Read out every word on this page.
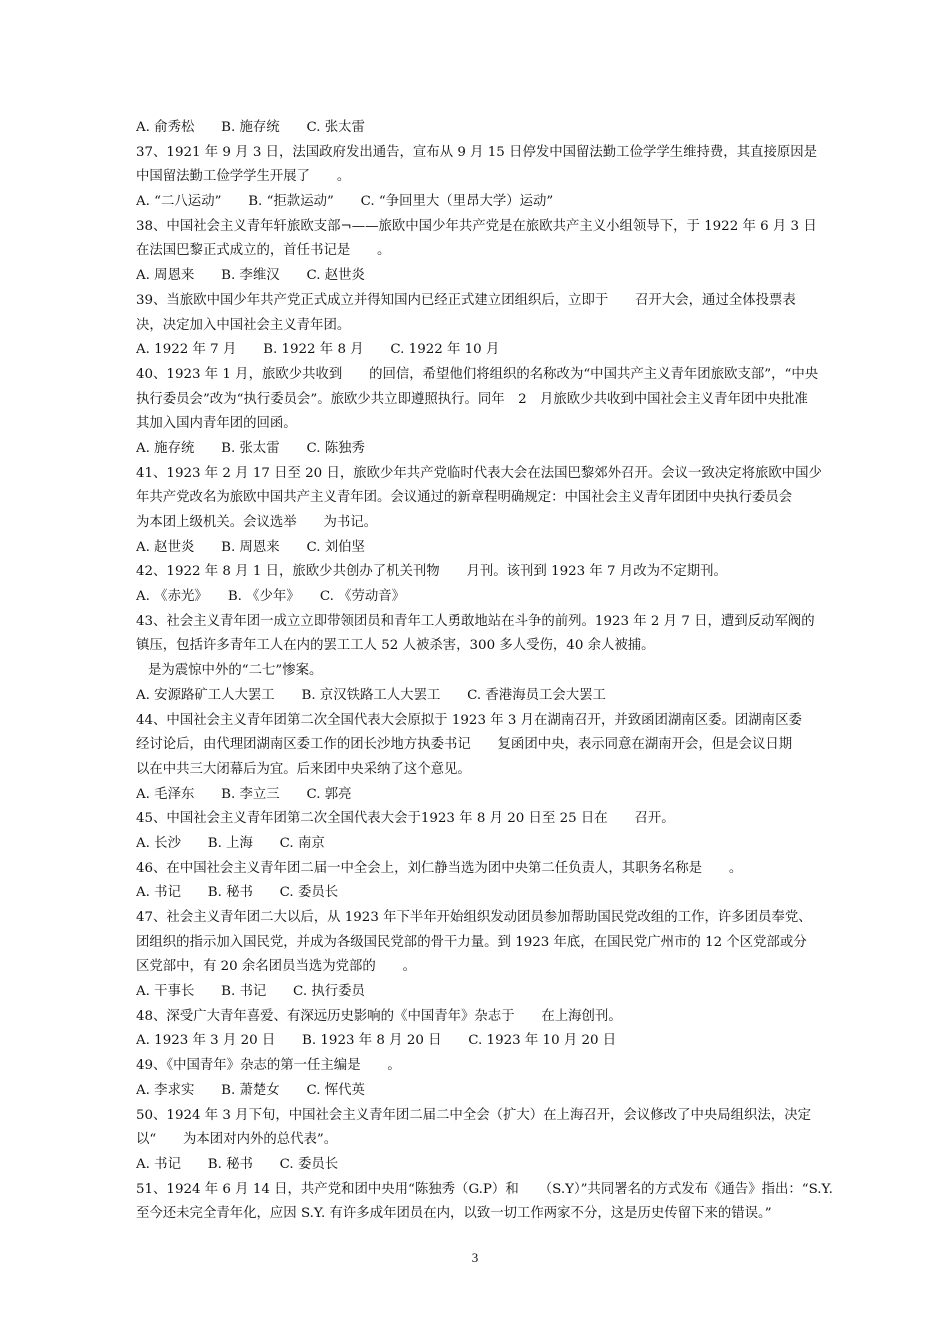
A. 俞秀松　　B. 施存统　　C. 张太雷
37、1921 年 9 月 3 日，法国政府发出通告，宣布从 9 月 15 日停发中国留法勤工俭学学生维持费，其直接原因是
中国留法勤工俭学学生开展了　　。
A. “二八运动”　　B. “拒款运动”　　C. “争回里大（里昂大学）运动”
38、中国社会主义青年轩旅欧支部¬——旅欧中国少年共产党是在旅欧共产主义小组领导下，于 1922 年 6 月 3 日
在法国巴黎正式成立的，首任书记是　　。
A. 周恩来　　B. 李维汉　　C. 赵世炎
39、当旅欧中国少年共产党正式成立并得知国内已经正式建立团组织后，立即于　　召开大会，通过全体投票表
决，决定加入中国社会主义青年团。
A. 1922 年 7 月　　B. 1922 年 8 月　　C. 1922 年 10 月
40、1923 年 1 月，旅欧少共收到　　的回信，希望他们将组织的名称改为“中国共产主义青年团旅欧支部”，“中央
执行委员会”改为“执行委员会”。旅欧少共立即遵照执行。同年　2　月旅欧少共收到中国社会主义青年团中央批准
其加入国内青年团的回函。
A. 施存统　　B. 张太雷　　C. 陈独秀
41、1923 年 2 月 17 日至 20 日，旅欧少年共产党临时代表大会在法国巴黎郊外召开。会议一致决定将旅欧中国少
年共产党改名为旅欧中国共产主义青年团。会议通过的新章程明确规定：中国社会主义青年团团中央执行委员会
为本团上级机关。会议选举　　为书记。
A. 赵世炎　　B. 周恩来　　C. 刘伯坚
42、1922 年 8 月 1 日，旅欧少共创办了机关刊物　　月刊。该刊到 1923 年 7 月改为不定期刊。
A. 《赤光》　　B. 《少年》　　C. 《劳动音》
43、社会主义青年团一成立立即带领团员和青年工人勇敢地站在斗争的前列。1923 年 2 月 7 日，遭到反动军阀的
镇压，包括许多青年工人在内的罢工工人 52 人被杀害，300 多人受伤，40 余人被捕。
是为震惊中外的“二七”惨案。
A. 安源路矿工人大罢工　　B. 京汉铁路工人大罢工　　C. 香港海员工会大罢工
44、中国社会主义青年团第二次全国代表大会原拟于 1923 年 3 月在湖南召开，并致函团湖南区委。团湖南区委
经讨论后，由代理团湖南区委工作的团长沙地方执委书记　　复函团中央，表示同意在湖南开会，但是会议日期
以在中共三大闭幕后为宜。后来团中央采纳了这个意见。
A. 毛泽东　　B. 李立三　　C. 郭亮
45、中国社会主义青年团第二次全国代表大会于1923 年 8 月 20 日至 25 日在　　召开。
A. 长沙　　B. 上海　　C. 南京
46、在中国社会主义青年团二届一中全会上，刘仁静当选为团中央第二任负责人，其职务名称是　　。
A. 书记　　B. 秘书　　C. 委员长
47、社会主义青年团二大以后，从 1923 年下半年开始组织发动团员参加帮助国民党改组的工作，许多团员奉党、
团组织的指示加入国民党，并成为各级国民党部的骨干力量。到 1923 年底，在国民党广州市的 12 个区党部或分
区党部中，有 20 余名团员当选为党部的　　。
A. 干事长　　B. 书记　　C. 执行委员
48、深受广大青年喜爱、有深远历史影响的《中国青年》杂志于　　在上海创刊。
A. 1923 年 3 月 20 日　　B. 1923 年 8 月 20 日　　C. 1923 年 10 月 20 日
49、《中国青年》杂志的第一任主编是　　。
A. 李求实　　B. 萧楚女　　C. 恽代英
50、1924 年 3 月下旬，中国社会主义青年团二届二中全会（扩大）在上海召开，会议修改了中央局组织法，决定
以“　　为本团对内外的总代表”。
A. 书记　　B. 秘书　　C. 委员长
51、1924 年 6 月 14 日，共产党和团中央用“陈独秀（G.P）和　　（S.Y）”共同署名的方式发布《通告》指出：“S.Y.
至今还未完全青年化，应因 S.Y. 有许多成年团员在内，以致一切工作两家不分，这是历史传留下来的错误。”
3
